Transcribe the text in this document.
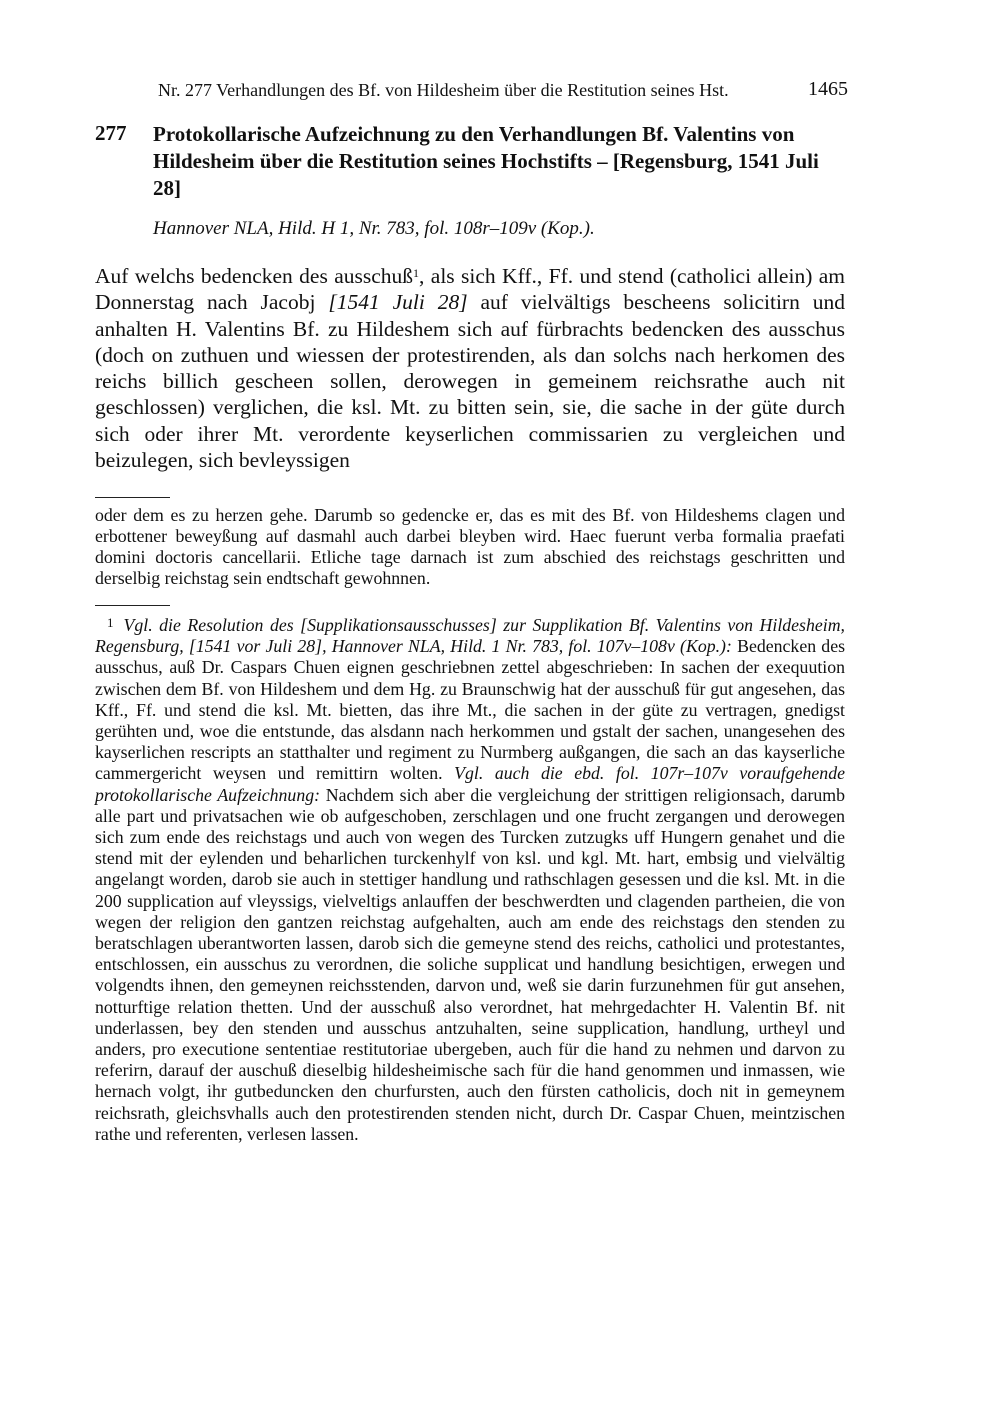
Nr. 277 Verhandlungen des Bf. von Hildesheim über die Restitution seines Hst.	1465
277 Protokollarische Aufzeichnung zu den Verhandlungen Bf. Valentins von Hildesheim über die Restitution seines Hochstifts – [Regensburg, 1541 Juli 28]
Hannover NLA, Hild. H 1, Nr. 783, fol. 108r–109v (Kop.).

Auf welchs bedencken des ausschuß$^1$, als sich Kff., Ff. und stend (catholici allein) am Donnerstag nach Jacobj [1541 Juli 28] auf vielvältigs bescheens solicitirn und anhalten H. Valentins Bf. zu Hildeshem sich auf fürbrachts bedencken des ausschus (doch on zuthuen und wiessen der protestirenden, als dan solchs nach herkomen des reichs billich gescheen sollen, derowegen in gemeinem reichsrathe auch nit geschlossen) verglichen, die ksl. Mt. zu bitten sein, sie, die sache in der güte durch sich oder ihrer Mt. verordente keyserlichen commissarien zu vergleichen und beizulegen, sich bevleyssigen

oder dem es zu herzen gehe. Darumb so gedencke er, das es mit des Bf. von Hildeshems clagen und erbottener beweyßung auf dasmahl auch darbei bleyben wird. Haec fuerunt verba formalia praefati domini doctoris cancellarii. Etliche tage darnach ist zum abschied des reichstags geschritten und derselbig reichstag sein endtschaft gewohnnen.

$^1$ Vgl. die Resolution des [Supplikationsausschusses] zur Supplikation Bf. Valentins von Hildesheim, Regensburg, [1541 vor Juli 28], Hannover NLA, Hild. 1 Nr. 783, fol. 107v–108v (Kop.): Bedencken des ausschus, auß Dr. Caspars Chuen eignen geschriebnen zettel abgeschrieben: In sachen der exequution zwischen dem Bf. von Hildeshem und dem Hg. zu Braunschwig hat der ausschuß für gut angesehen, das Kff., Ff. und stend die ksl. Mt. bietten, das ihre Mt., die sachen in der güte zu vertragen, gnedigst gerühten und, woe die entstunde, das alsdann nach herkommen und gstalt der sachen, unangesehen des kayserlichen rescripts an statthalter und regiment zu Nurmberg außgangen, die sach an das kayserliche cammergericht weysen und remittirn wolten. Vgl. auch die ebd. fol. 107r–107v voraufgehende protokollarische Aufzeichnung: Nachdem sich aber die vergleichung der strittigen religionsach, darumb alle part und privatsachen wie ob aufgeschoben, zerschlagen und one frucht zergangen und derowegen sich zum ende des reichstags und auch von wegen des Turcken zutzugks uff Hungern genahet und die stend mit der eylenden und beharlichen turckenhylf von ksl. und kgl. Mt. hart, embsig und vielvältig angelangt worden, darob sie auch in stettiger handlung und rathschlagen gesessen und die ksl. Mt. in die 200 supplication auf vleyssigs, vielveltigs anlauffen der beschwerdten und clagenden partheien, die von wegen der religion den gantzen reichstag aufgehalten, auch am ende des reichstags den stenden zu beratschlagen uberantworten lassen, darob sich die gemeyne stend des reichs, catholici und protestantes, entschlossen, ein ausschus zu verordnen, die soliche supplicat und handlung besichtigen, erwegen und volgendts ihnen, den gemeynen reichsstenden, darvon und, weß sie darin furzunehmen für gut ansehen, notturftige relation thetten. Und der ausschuß also verordnet, hat mehrgedachter H. Valentin Bf. nit underlassen, bey den stenden und ausschus antzuhalten, seine supplication, handlung, urtheyl und anders, pro executione sententiae restitutoriae ubergeben, auch für die hand zu nehmen und darvon zu referirn, darauf der auschuß dieselbig hildesheimische sach für die hand genommen und inmassen, wie hernach volgt, ihr gutbeduncken den churfursten, auch den fürsten catholicis, doch nit in gemeynem reichsrath, gleichsvhalls auch den protestirenden stenden nicht, durch Dr. Caspar Chuen, meintzischen rathe und referenten, verlesen lassen.
